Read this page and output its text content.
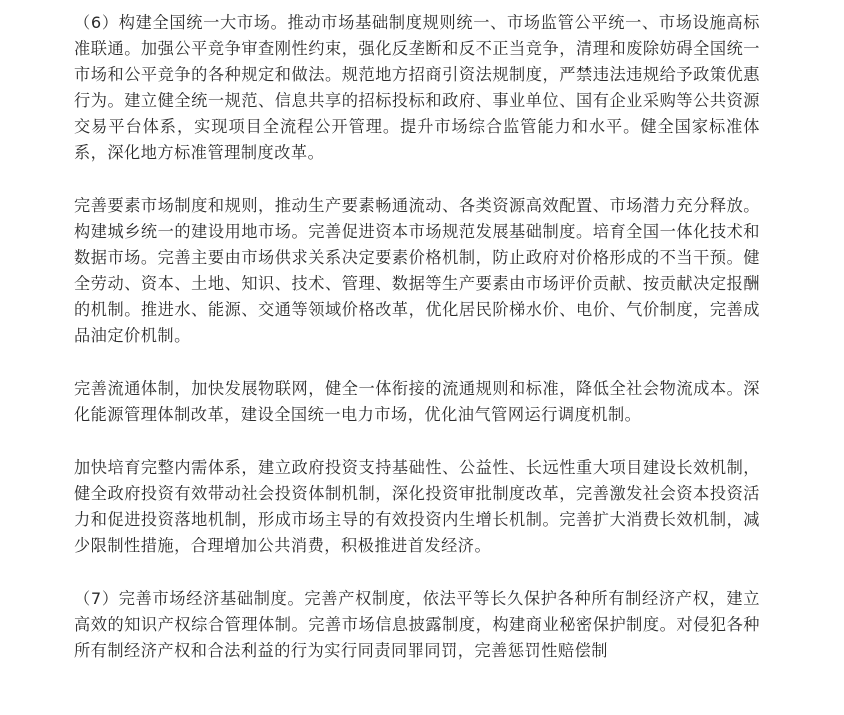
（6）构建全国统一大市场。推动市场基础制度规则统一、市场监管公平统一、市场设施高标准联通。加强公平竞争审查刚性约束，强化反垄断和反不正当竞争，清理和废除妨碍全国统一市场和公平竞争的各种规定和做法。规范地方招商引资法规制度，严禁违法违规给予政策优惠行为。建立健全统一规范、信息共享的招标投标和政府、事业单位、国有企业采购等公共资源交易平台体系，实现项目全流程公开管理。提升市场综合监管能力和水平。健全国家标准体系，深化地方标准管理制度改革。

完善要素市场制度和规则，推动生产要素畅通流动、各类资源高效配置、市场潜力充分释放。构建城乡统一的建设用地市场。完善促进资本市场规范发展基础制度。培育全国一体化技术和数据市场。完善主要由市场供求关系决定要素价格机制，防止政府对价格形成的不当干预。健全劳动、资本、土地、知识、技术、管理、数据等生产要素由市场评价贡献、按贡献决定报酬的机制。推进水、能源、交通等领域价格改革，优化居民阶梯水价、电价、气价制度，完善成品油定价机制。

完善流通体制，加快发展物联网，健全一体衔接的流通规则和标准，降低全社会物流成本。深化能源管理体制改革，建设全国统一电力市场，优化油气管网运行调度机制。

加快培育完整内需体系，建立政府投资支持基础性、公益性、长远性重大项目建设长效机制，健全政府投资有效带动社会投资体制机制，深化投资审批制度改革，完善激发社会资本投资活力和促进投资落地机制，形成市场主导的有效投资内生增长机制。完善扩大消费长效机制，减少限制性措施，合理增加公共消费，积极推进首发经济。

（7）完善市场经济基础制度。完善产权制度，依法平等长久保护各种所有制经济产权，建立高效的知识产权综合管理体制。完善市场信息披露制度，构建商业秘密保护制度。对侵犯各种所有制经济产权和合法利益的行为实行同责同罪同罚，完善惩罚性赔偿制
